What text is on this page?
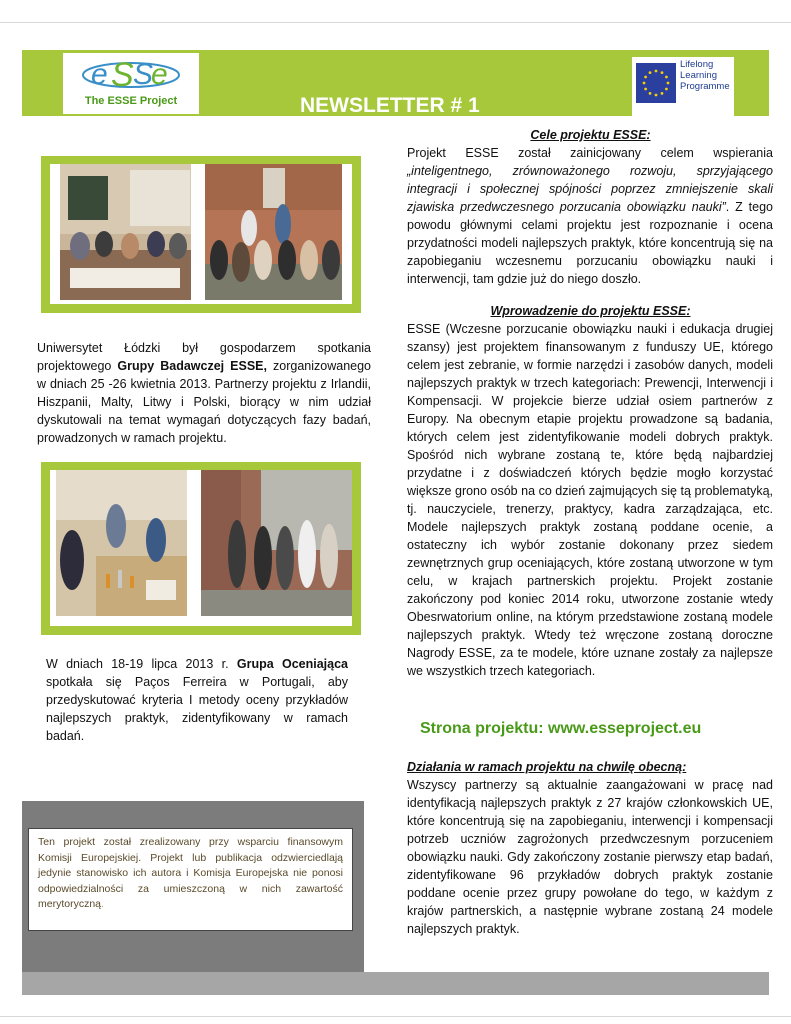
e S S
e
The ESSE Project
Lifelong
Learning
Programme
NEWSLETTER # 1
Uniwersytet Łódzki był gospodarzem spotkania projektowego Grupy Badawczej ESSE, zorganizowanego w dniach 25 -26 kwietnia 2013. Partnerzy projektu z Irlandii, Hiszpanii, Malty, Litwy i Polski, biorący w nim udział dyskutowali na temat wymagań dotyczących fazy badań, prowadzonych w ramach projektu.
W dniach 18-19 lipca 2013 r. Grupa Oceniająca spotkała się Paços Ferreira w Portugali, aby przedyskutować kryteria I metody oceny przykładów najlepszych praktyk, zidentyfikowany w ramach badań.
Ten projekt został zrealizowany przy wsparciu finansowym Komisji Europejskiej. Projekt lub publikacja odzwierciedlają jedynie stanowisko ich autora i Komisja Europejska nie ponosi odpowiedzialności za umieszczoną w nich zawartość merytoryczną.
Cele projektu ESSE:
Projekt ESSE został zainicjowany celem wspierania „inteligentnego, zrównoważonego rozwoju, sprzyjającego integracji i społecznej spójności poprzez zmniejszenie skali zjawiska przedwczesnego porzucania obowiązku nauki”. Z tego powodu głównymi celami projektu jest rozpoznanie i ocena przydatności modeli najlepszych praktyk, które koncentrują się na zapobieganiu wczesnemu porzucaniu obowiązku nauki i interwencji, tam gdzie już do niego doszło.
Wprowadzenie do projektu ESSE:
ESSE (Wczesne porzucanie obowiązku nauki i edukacja drugiej szansy) jest projektem finansowanym z funduszy UE, którego celem jest zebranie, w formie narzędzi i zasobów danych, modeli najlepszych praktyk w trzech kategoriach: Prewencji, Interwencji i Kompensacji. W projekcie bierze udział osiem partnerów z Europy. Na obecnym etapie projektu prowadzone są badania, których celem jest zidentyfikowanie modeli dobrych praktyk. Spośród nich wybrane zostaną te, które będą najbardziej przydatne i z doświadczeń których będzie mogło korzystać większe grono osób na co dzień zajmujących się tą problematyką, tj. nauczyciele, trenerzy, praktycy, kadra zarządzająca, etc. Modele najlepszych praktyk zostaną poddane ocenie, a ostateczny ich wybór zostanie dokonany przez siedem zewnętrznych grup oceniających, które zostaną utworzone w tym celu, w krajach partnerskich projektu. Projekt zostanie zakończony pod koniec 2014 roku, utworzone zostanie wtedy Obesrwatorium online, na którym przedstawione zostaną modele najlepszych praktyk. Wtedy też wręczone zostaną doroczne Nagrody ESSE, za te modele, które uznane zostały za najlepsze we wszystkich trzech kategoriach.
Strona projektu: www.esseproject.eu
Działania w ramach projektu na chwilę obecną:
Wszyscy partnerzy są aktualnie zaangażowani w pracę nad identyfikacją najlepszych praktyk z 27 krajów członkowskich UE, które koncentrują się na zapobieganiu, interwencji i kompensacji potrzeb uczniów zagrożonych przedwczesnym porzuceniem obowiązku nauki. Gdy zakończony zostanie pierwszy etap badań, zidentyfikowane 96 przykładów dobrych praktyk zostanie poddane ocenie przez grupy powołane do tego, w każdym z krajów partnerskich, a następnie wybrane zostaną 24 modele najlepszych praktyk.
